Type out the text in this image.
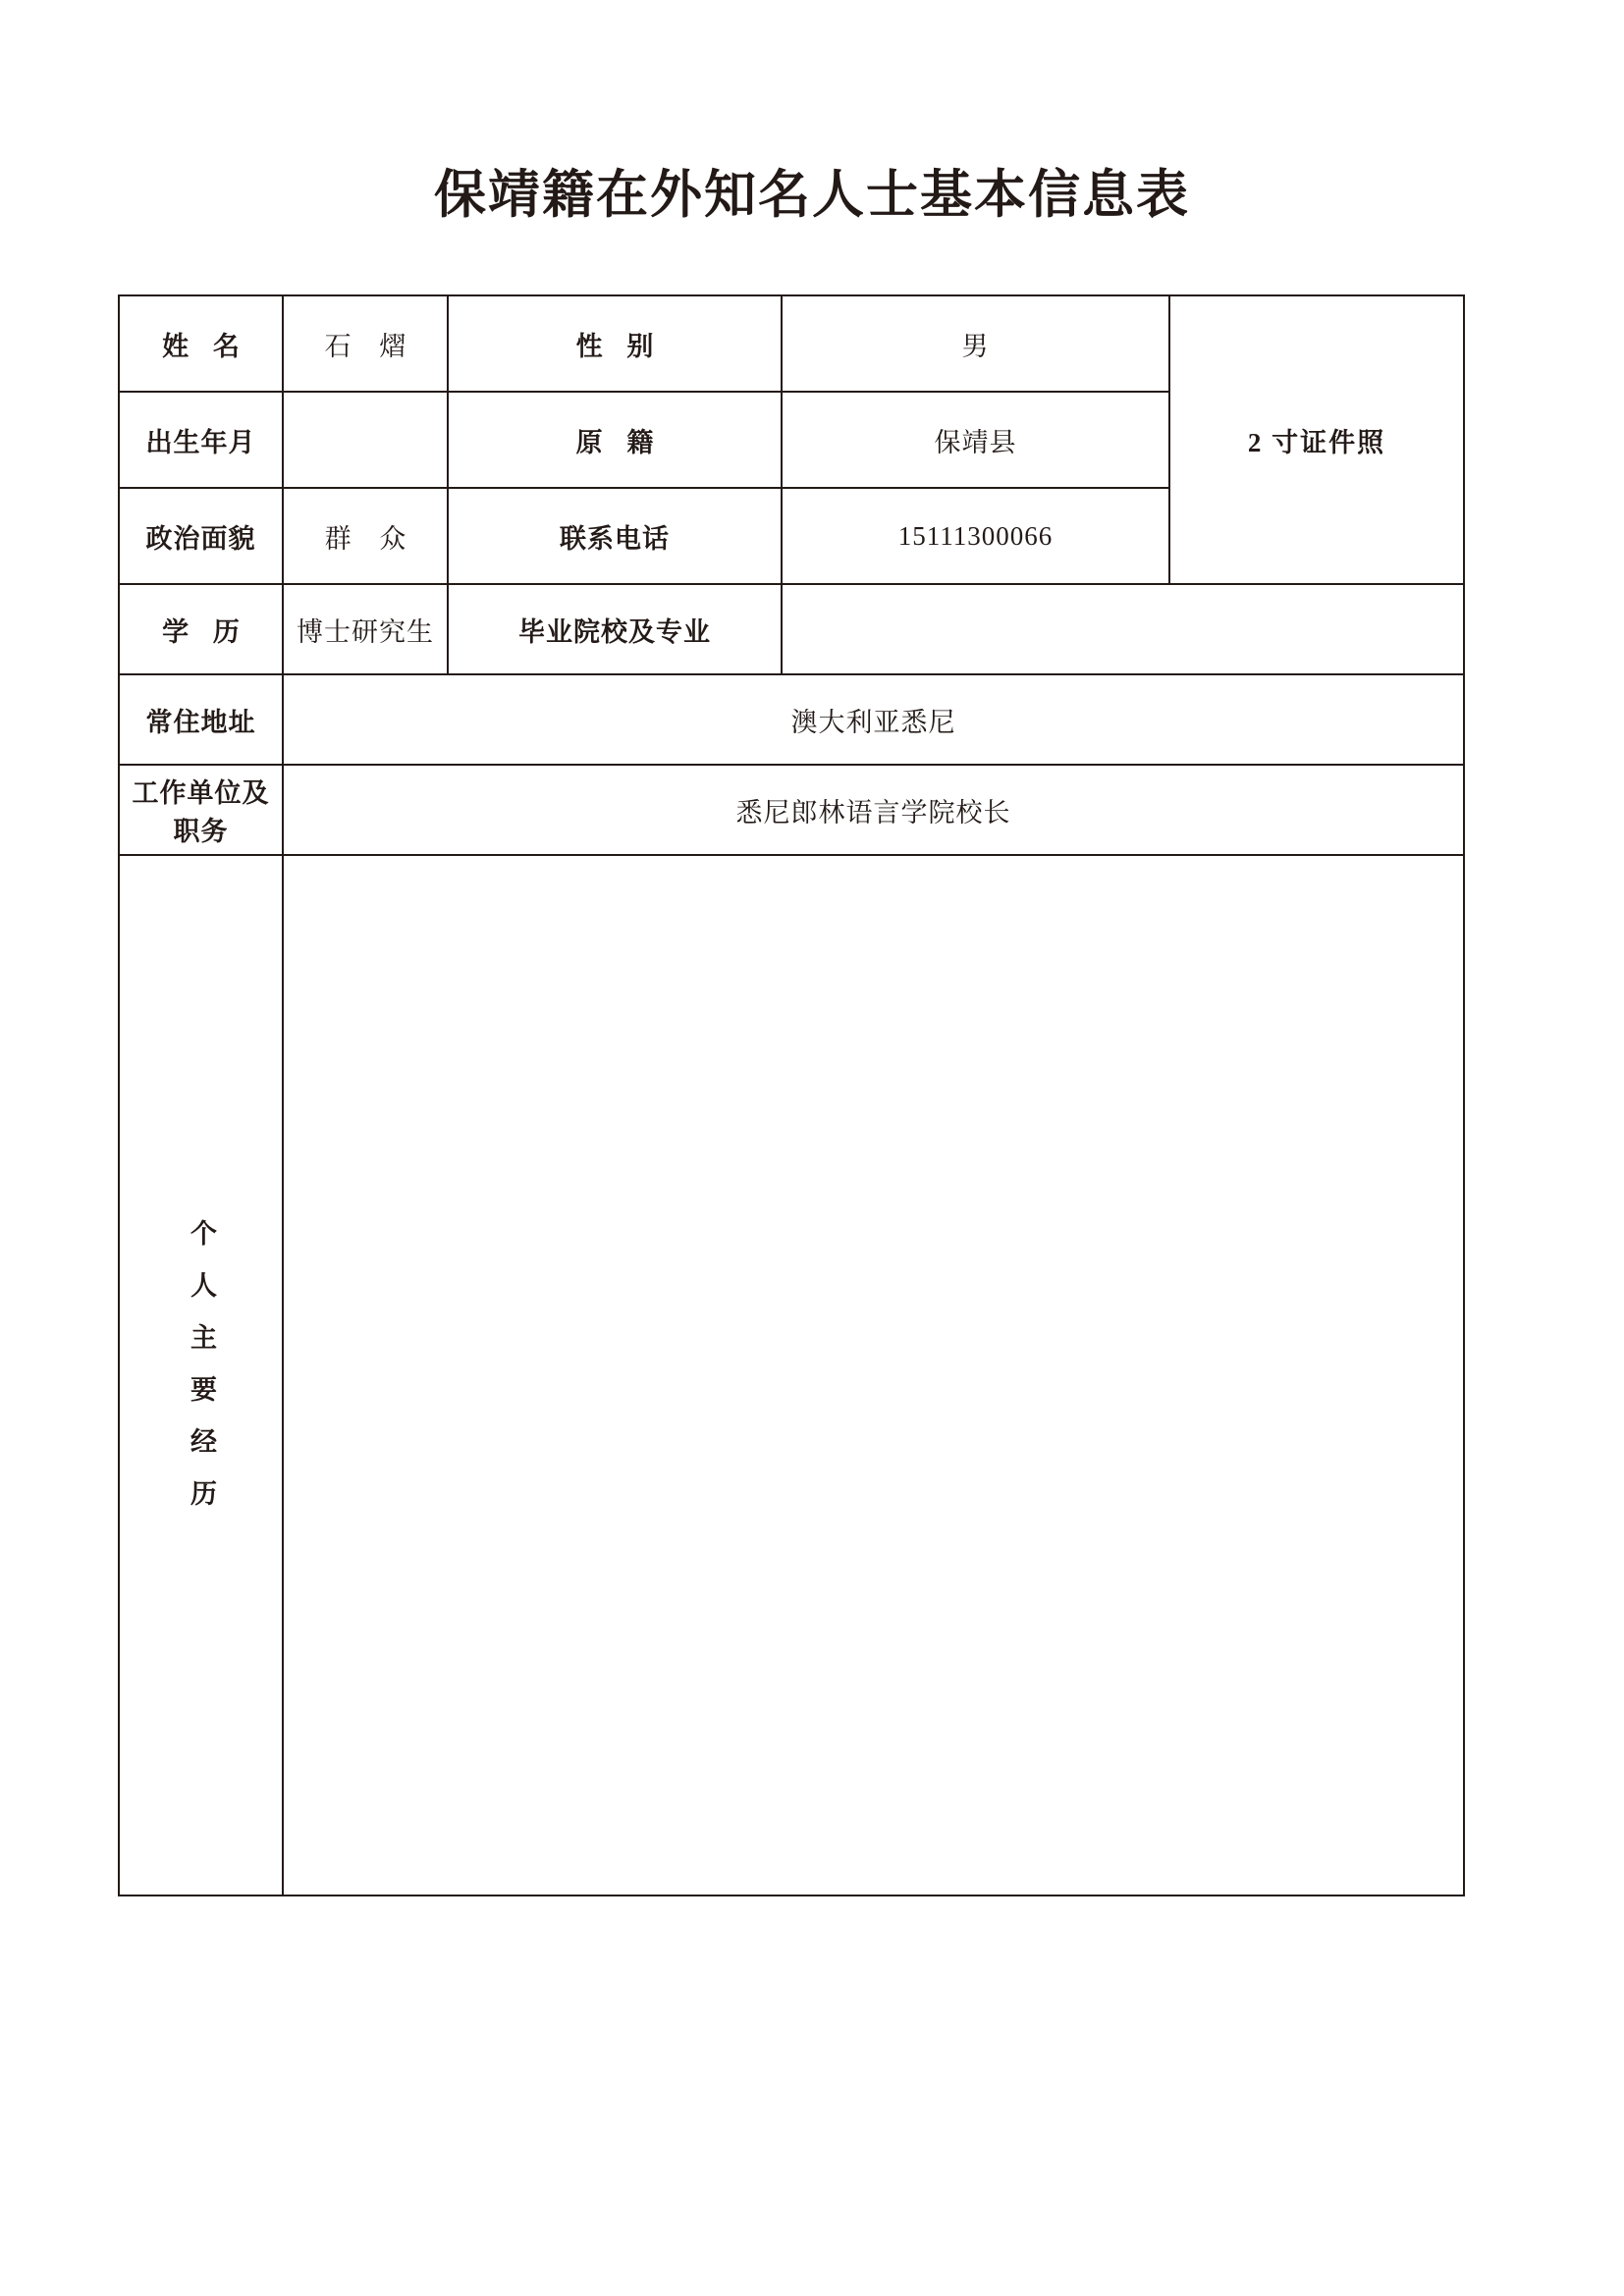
保靖籍在外知名人士基本信息表
姓 名	石 熠	性 别	男	2 寸证件照
出生年月		原 籍	保靖县	
政治面貌	群 众	联系电话	15111300066	
学 历	博士研究生	毕业院校及专业		
常住地址	澳大利亚悉尼			
工作单位及职务	悉尼郎林语言学院校长			

个人主要经历				
